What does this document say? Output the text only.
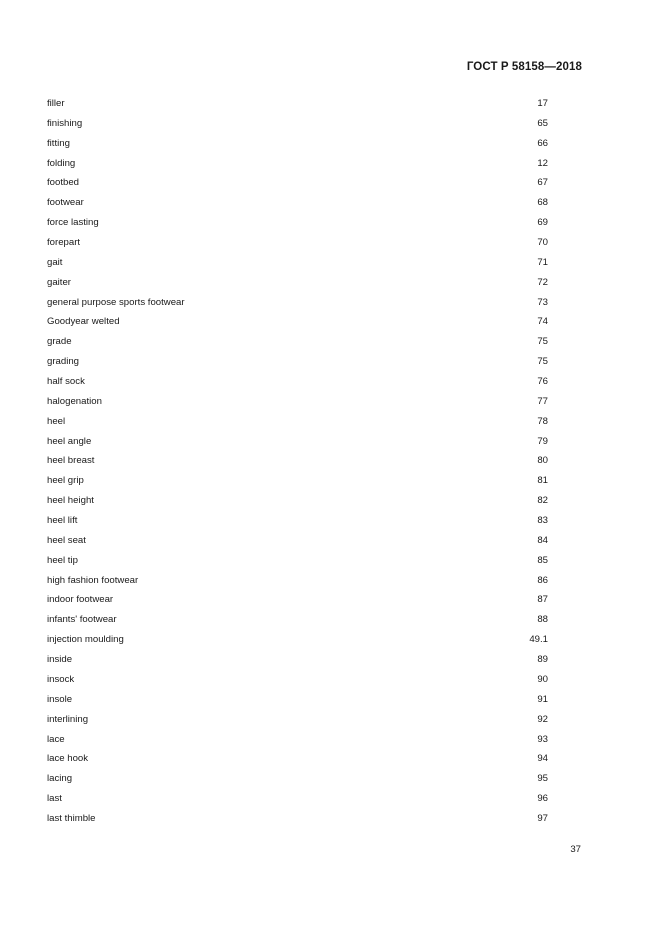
ГОСТ Р 58158—2018
filler	17
finishing	65
fitting	66
folding	12
footbed	67
footwear	68
force lasting	69
forepart	70
gait	71
gaiter	72
general purpose sports footwear	73
Goodyear welted	74
grade	75
grading	75
half sock	76
halogenation	77
heel	78
heel angle	79
heel breast	80
heel grip	81
heel height	82
heel lift	83
heel seat	84
heel tip	85
high fashion footwear	86
indoor footwear	87
infants' footwear	88
injection moulding	49.1
inside	89
insock	90
insole	91
interlining	92
lace	93
lace hook	94
lacing	95
last	96
last thimble	97
37
